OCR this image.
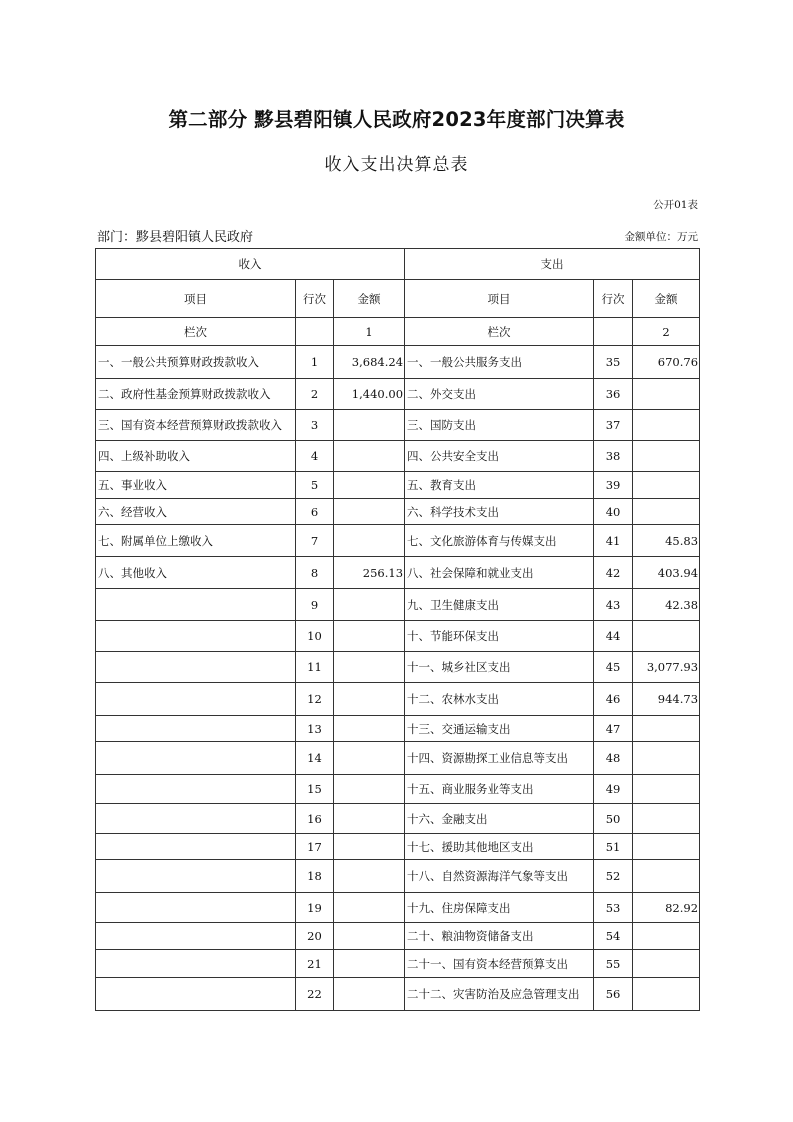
第二部分 黟县碧阳镇人民政府2023年度部门决算表
收入支出决算总表
公开01表
部门：黟县碧阳镇人民政府	金额单位：万元
收入			支出		
项目	行次	金额	项目	行次	金额
栏次		1	栏次		2
一、一般公共预算财政拨款收入	1	3,684.24	一、一般公共服务支出	35	670.76
二、政府性基金预算财政拨款收入	2	1,440.00	二、外交支出	36	
三、国有资本经营预算财政拨款收入	3		三、国防支出	37	
四、上级补助收入	4		四、公共安全支出	38	
五、事业收入	5		五、教育支出	39	
六、经营收入	6		六、科学技术支出	40	
七、附属单位上缴收入	7		七、文化旅游体育与传媒支出	41	45.83
八、其他收入	8	256.13	八、社会保障和就业支出	42	403.94
	9		九、卫生健康支出	43	42.38
	10		十、节能环保支出	44	
	11		十一、城乡社区支出	45	3,077.93
	12		十二、农林水支出	46	944.73
	13		十三、交通运输支出	47	
	14		十四、资源勘探工业信息等支出	48	
	15		十五、商业服务业等支出	49	
	16		十六、金融支出	50	
	17		十七、援助其他地区支出	51	
	18		十八、自然资源海洋气象等支出	52	
	19		十九、住房保障支出	53	82.92
	20		二十、粮油物资储备支出	54	
	21		二十一、国有资本经营预算支出	55	
	22		二十二、灾害防治及应急管理支出	56	
